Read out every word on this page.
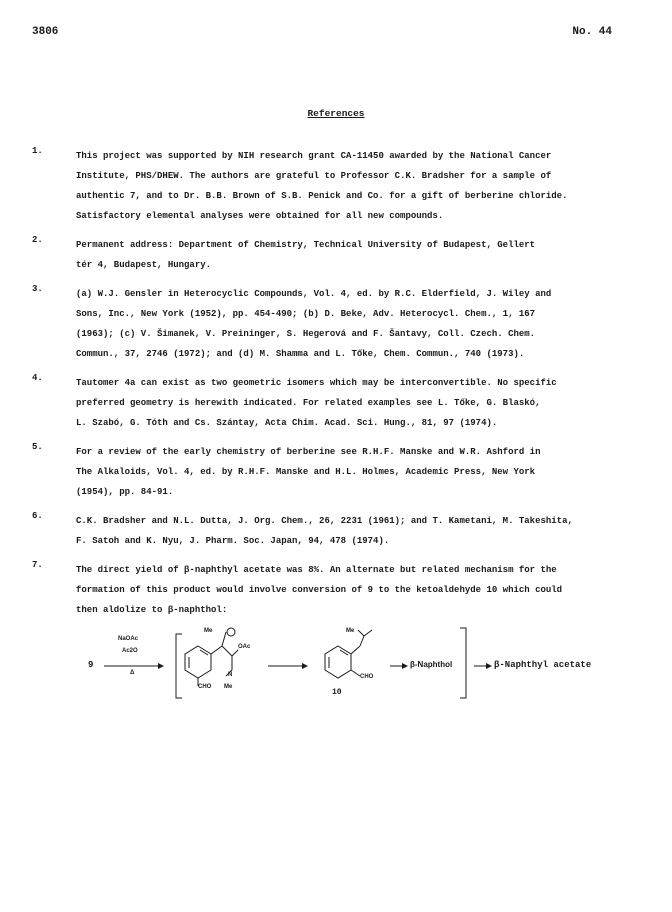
3806	No. 44
References
1.	This project was supported by NIH research grant CA-11450 awarded by the National Cancer
Institute, PHS/DHEW. The authors are grateful to Professor C.K. Bradsher for a sample of
authentic 7, and to Dr. B.B. Brown of S.B. Penick and Co. for a gift of berberine chloride.
Satisfactory elemental analyses were obtained for all new compounds.
2.	Permanent address: Department of Chemistry, Technical University of Budapest, Gellert
tér 4, Budapest, Hungary.
3.	(a) W.J. Gensler in Heterocyclic Compounds, Vol. 4, ed. by R.C. Elderfield, J. Wiley and
Sons, Inc., New York (1952), pp. 454-490; (b) D. Beke, Adv. Heterocycl. Chem., 1, 167
(1963); (c) V. Šimanek, V. Preininger, S. Hegerová and F. Šantavy, Coll. Czech. Chem.
Commun., 37, 2746 (1972); and (d) M. Shamma and L. Tőke, Chem. Commun., 740 (1973).
4.	Tautomer 4a can exist as two geometric isomers which may be interconvertible. No specific
preferred geometry is herewith indicated. For related examples see L. Tőke, G. Blaskó,
L. Szabó, G. Tóth and Cs. Szántay, Acta Chim. Acad. Sci. Hung., 81, 97 (1974).
5.	For a review of the early chemistry of berberine see R.H.F. Manske and W.R. Ashford in
The Alkaloids, Vol. 4, ed. by R.H.F. Manske and H.L. Holmes, Academic Press, New York
(1954), pp. 84-91.
6.	C.K. Bradsher and N.L. Dutta, J. Org. Chem., 26, 2231 (1961); and T. Kametani, M. Takeshita,
F. Satoh and K. Nyu, J. Pharm. Soc. Japan, 94, 478 (1974).
7.	The direct yield of β-naphthyl acetate was 8%. An alternate but related mechanism for the
formation of this product would involve conversion of 9 to the ketoaldehyde 10 which could
then aldolize to β-naphthol:
9
NaOAc
Ac2O
Δ
Me
OAc
N
CHO Me
Me
CHO
10
β-Naphthol	β-Naphthyl acetate
